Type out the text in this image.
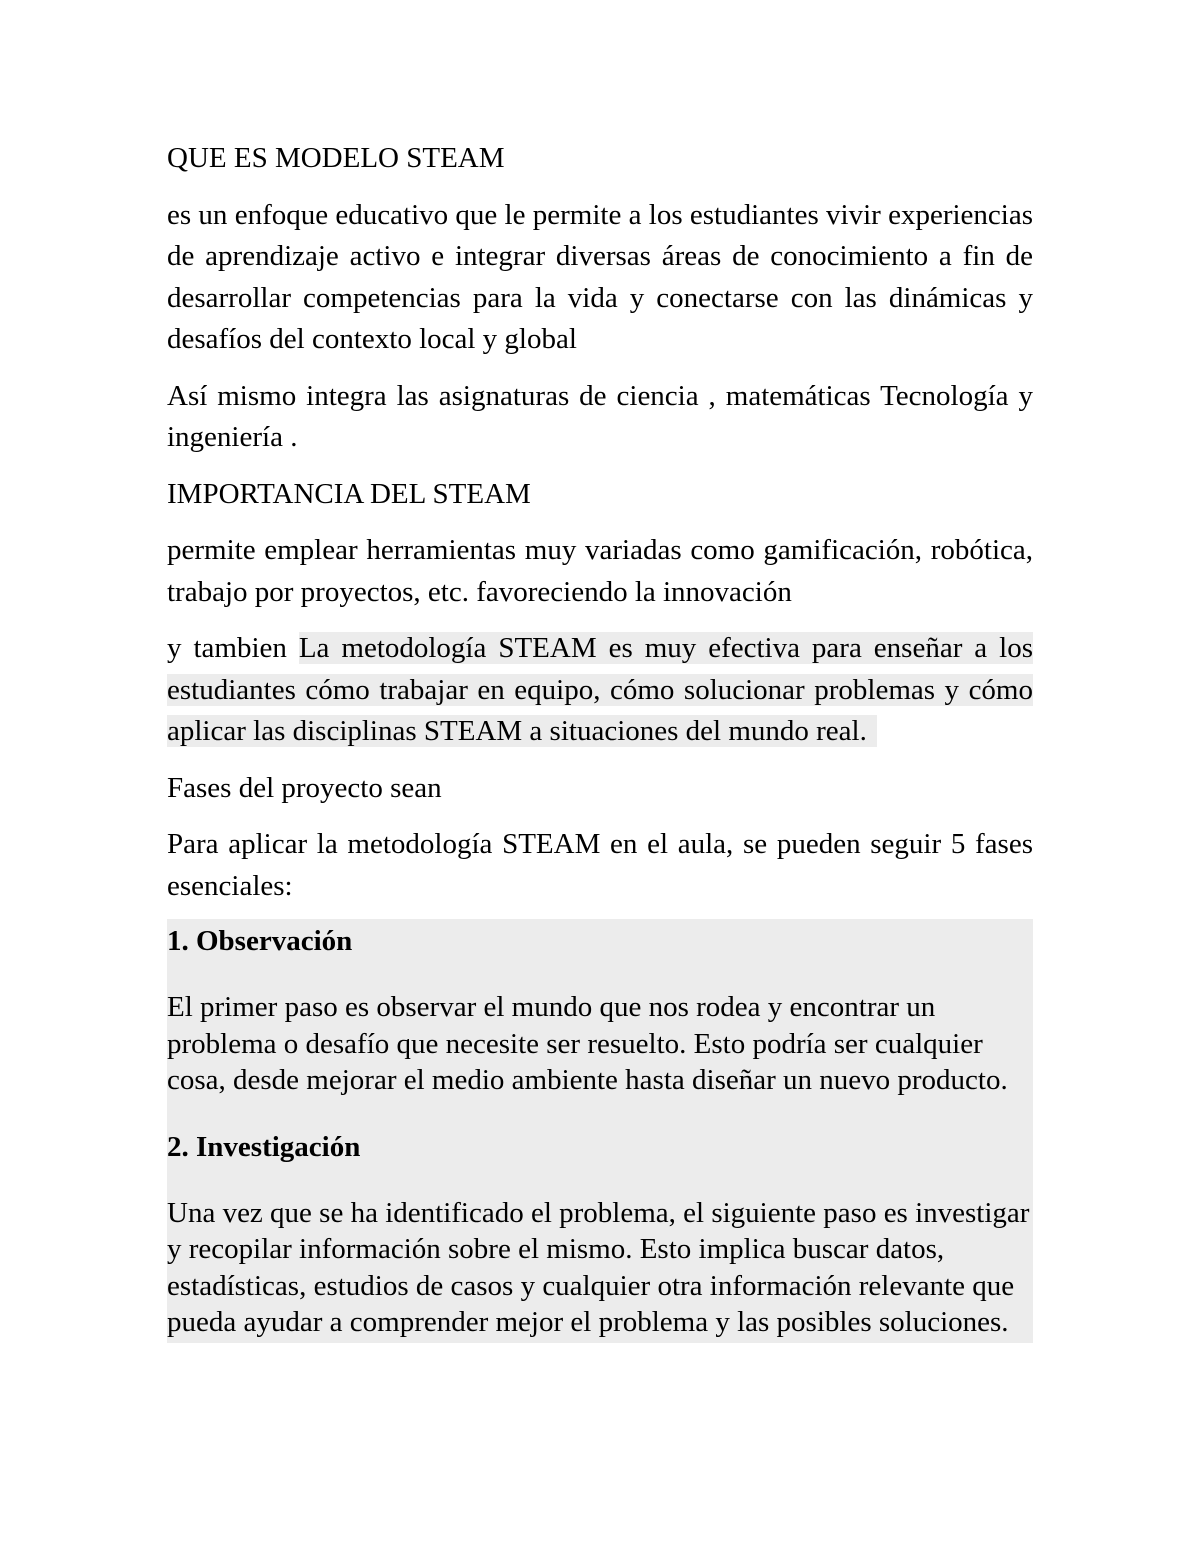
QUE ES MODELO STEAM

es un enfoque educativo que le permite a los estudiantes vivir experiencias de aprendizaje activo e integrar diversas áreas de conocimiento a fin de desarrollar competencias para la vida y conectarse con las dinámicas y desafíos del contexto local y global

Así mismo integra las asignaturas de ciencia , matemáticas Tecnología y ingeniería .

IMPORTANCIA DEL STEAM

permite emplear herramientas muy variadas como gamificación, robótica, trabajo por proyectos, etc. favoreciendo la innovación

y tambien La metodología STEAM es muy efectiva para enseñar a los estudiantes cómo trabajar en equipo, cómo solucionar problemas y cómo aplicar las disciplinas STEAM a situaciones del mundo real.

Fases del proyecto sean

Para aplicar la metodología STEAM en el aula, se pueden seguir 5 fases esenciales:

1. Observación

El primer paso es observar el mundo que nos rodea y encontrar un problema o desafío que necesite ser resuelto. Esto podría ser cualquier cosa, desde mejorar el medio ambiente hasta diseñar un nuevo producto.

2. Investigación

Una vez que se ha identificado el problema, el siguiente paso es investigar y recopilar información sobre el mismo. Esto implica buscar datos, estadísticas, estudios de casos y cualquier otra información relevante que pueda ayudar a comprender mejor el problema y las posibles soluciones.
